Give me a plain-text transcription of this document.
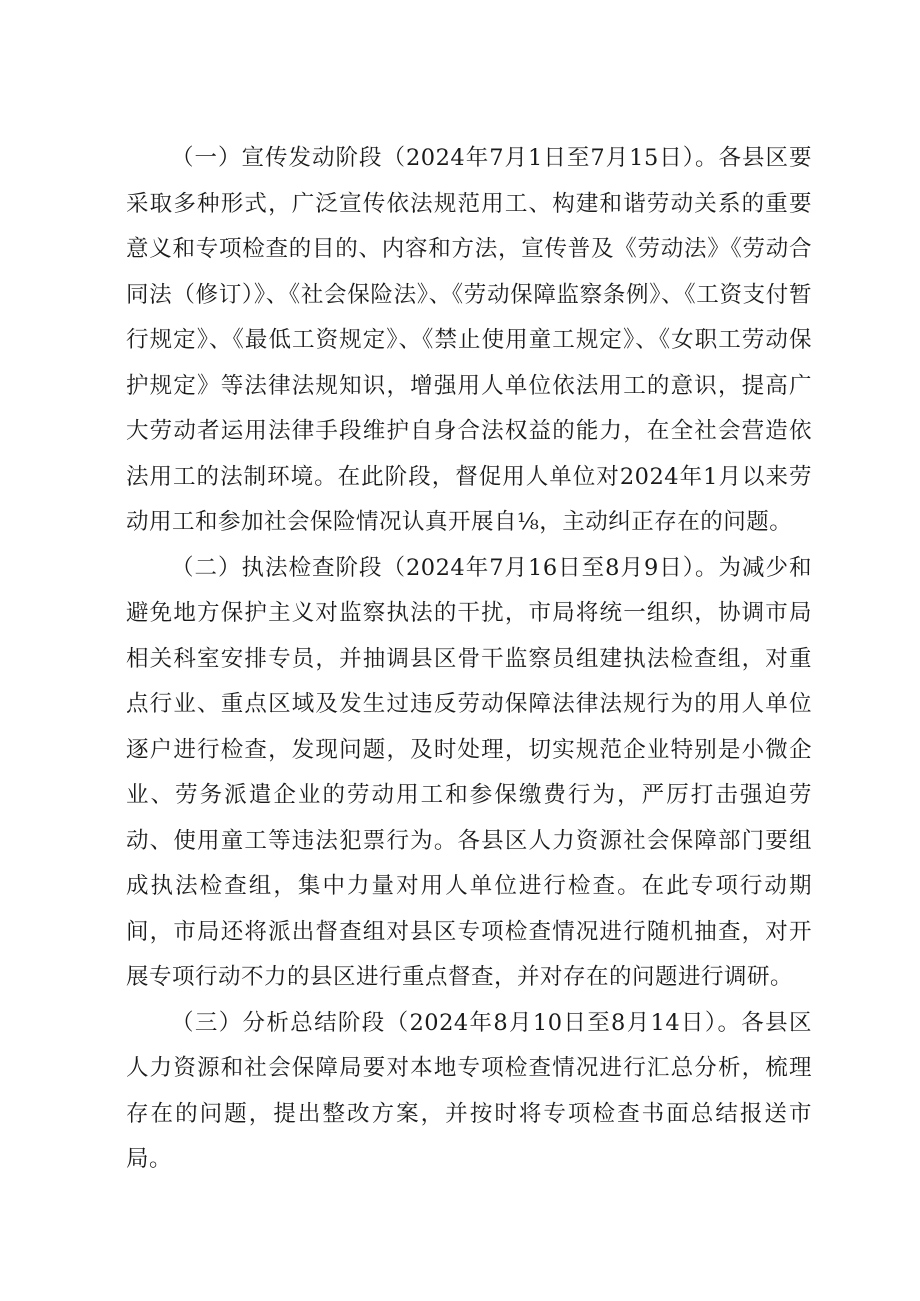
（一）宣传发动阶段（2024年7月1日至7月15日）。各县区要采取多种形式，广泛宣传依法规范用工、构建和谐劳动关系的重要意义和专项检查的目的、内容和方法，宣传普及《劳动法》《劳动合同法（修订）》、《社会保险法》、《劳动保障监察条例》、《工资支付暂行规定》、《最低工资规定》、《禁止使用童工规定》、《女职工劳动保护规定》等法律法规知识，增强用人单位依法用工的意识，提高广大劳动者运用法律手段维护自身合法权益的能力，在全社会营造依法用工的法制环境。在此阶段，督促用人单位对2024年1月以来劳动用工和参加社会保险情况认真开展自⅛，主动纠正存在的问题。

（二）执法检查阶段（2024年7月16日至8月9日）。为减少和避免地方保护主义对监察执法的干扰，市局将统一组织，协调市局相关科室安排专员，并抽调县区骨干监察员组建执法检查组，对重点行业、重点区域及发生过违反劳动保障法律法规行为的用人单位逐户进行检查，发现问题，及时处理，切实规范企业特别是小微企业、劳务派遣企业的劳动用工和参保缴费行为，严厉打击强迫劳动、使用童工等违法犯票行为。各县区人力资源社会保障部门要组成执法检查组，集中力量对用人单位进行检查。在此专项行动期间，市局还将派出督查组对县区专项检查情况进行随机抽查，对开展专项行动不力的县区进行重点督查，并对存在的问题进行调研。

（三）分析总结阶段（2024年8月10日至8月14日）。各县区人力资源和社会保障局要对本地专项检查情况进行汇总分析，梳理存在的问题，提出整改方案，并按时将专项检查书面总结报送市局。
